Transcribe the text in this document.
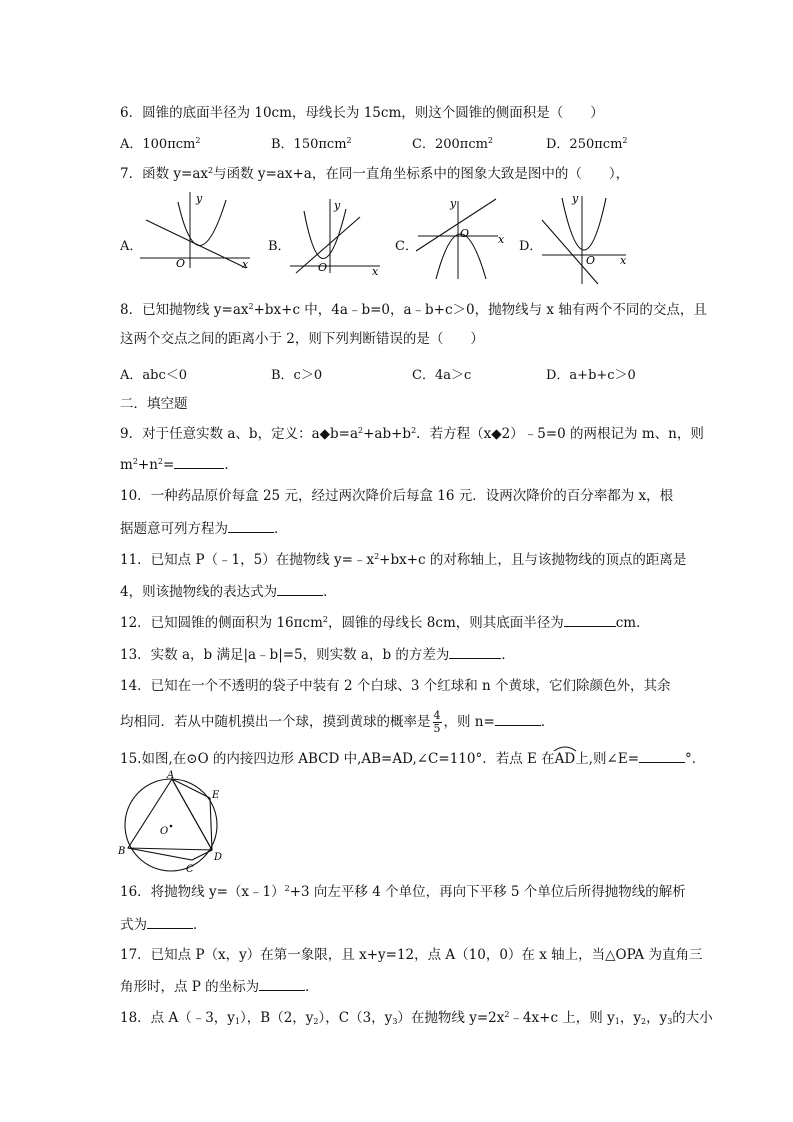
6．圆锥的底面半径为 10cm，母线长为 15cm，则这个圆锥的侧面积是（　　）
A．100πcm$^2$	B．150πcm$^2$	C．200πcm$^2$	D．250πcm$^2$
7．函数 $y=ax^2$与函数 y=ax+a，在同一直角坐标系中的图象大致是图中的（　　），
A．
y
x
O
B．
y
x
O
C．
y
x
O
D．
y
x
O
8．已知抛物线 $y=ax^2+bx+c$ 中，4a﹣b=0，a﹣b+c＞0，抛物线与 x 轴有两个不同的交点，且
这两个交点之间的距离小于 2，则下列判断错误的是（　　）
A．abc＜0	B．c＞0	C．4a＞c	D．a+b+c＞0
二．填空题
9．对于任意实数 a、b，定义：$a◆b=a^2+ab+b^2$．若方程（x◆2）﹣5=0 的两根记为 m、n，则
$m^2+n^2=$	．
10．一种药品原价每盒 25 元，经过两次降价后每盒 16 元．设两次降价的百分率都为 x，根
据题意可列方程为	．
11．已知点 P（﹣1，5）在抛物线 $y=﹣x^2+bx+c$ 的对称轴上，且与该抛物线的顶点的距离是
4，则该抛物线的表达式为	．
12．已知圆锥的侧面积为 16πcm$^2$，圆锥的母线长 8cm，则其底面半径为	cm．
13．实数 a，b 满足|a﹣b|=5，则实数 a，b 的方差为	．
14．已知在一个不透明的袋子中装有 2 个白球、3 个红球和 n 个黄球，它们除颜色外，其余
均相同．若从中随机摸出一个球，摸到黄球的概率是 $\frac{4}{5}$ ，则 n=	．
15.如图,在⊙O 的内接四边形 ABCD 中,AB=AD,∠C=110°．若点 E 在
AD上,则∠E=	°．
A
E
B
C
D
O
16．将抛物线 y=（x﹣1）$^2$+3 向左平移 4 个单位，再向下平移 5 个单位后所得抛物线的解析
式为	．
17．已知点 P（x，y）在第一象限，且 x+y=12，点 A（10，0）在 x 轴上，当△OPA 为直角三
角形时，点 P 的坐标为	．
18．点 A（﹣3，$y_1$），B（2，$y_2$），C（3，$y_3$）在抛物线 $y=2x^2﹣4x+c$ 上，则 $y_1$，$y_2$，$y_3$的大小
